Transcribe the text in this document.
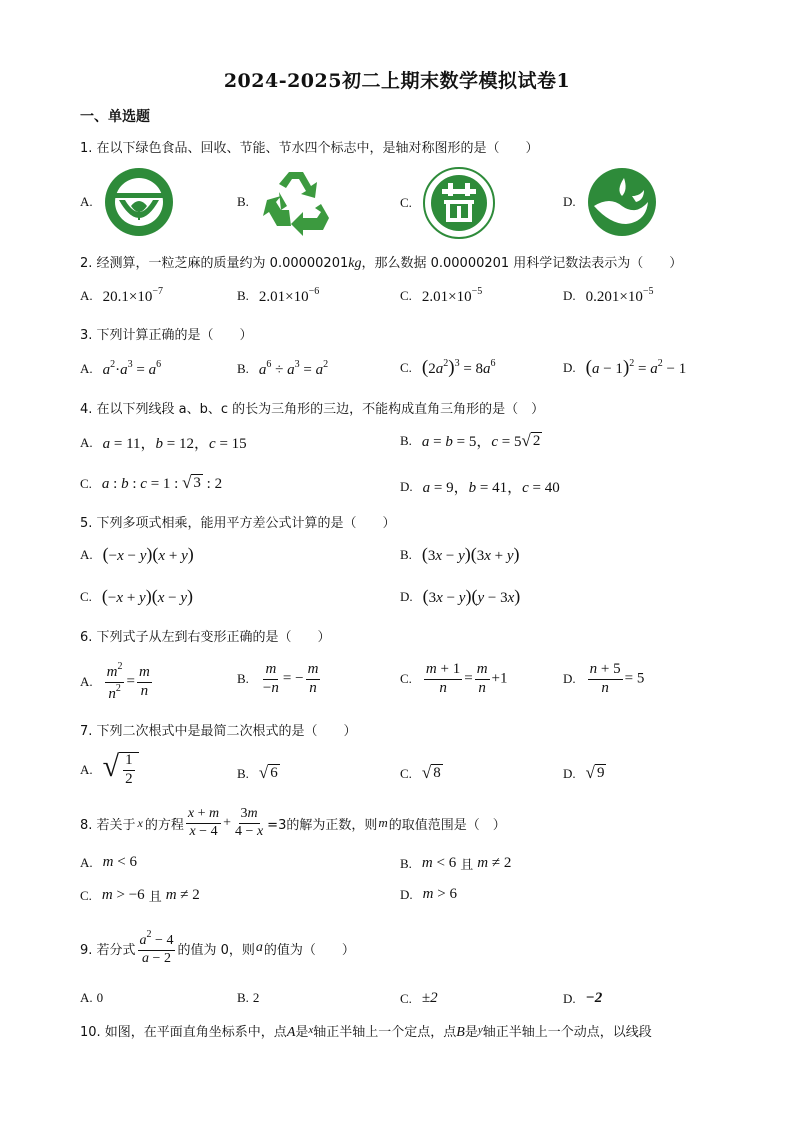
2024-2025初二上期末数学模拟试卷1
一、单选题
1. 在以下绿色食品、回收、节能、节水四个标志中，是轴对称图形的是（　　）
A.	B.	C.	D.
2. 经测算，一粒芝麻的质量约为 0.00000201kg，那么数据 0.00000201 用科学记数法表示为（　　）
A. $20.1\times 10^{-7}$	B. $2.01\times 10^{-6}$	C. $2.01\times 10^{-5}$	D. $0.201\times 10^{-5}$
3. 下列计算正确的是（　　）
A. $a^2\cdot a^3 = a^6$	B. $a^6 \div a^3 = a^2$	C. $(2a^2)^3 = 8a^6$	D. $(a - 1)^2 = a^2 - 1$
4. 在以下列线段 a、b、c 的长为三角形的三边，不能构成直角三角形的是（　）
A. a = 11，b = 12，c = 15	B. a = b = 5，c = 5 √ 2
C. a : b : c = 1 : √ 3 : 2	D. a = 9，b = 41，c = 40
5. 下列多项式相乘，能用平方差公式计算的是（　　）
A. (−x − y)(x + y)	B. (3x − y)(3x + y)
C. (−x + y)(x − y)	D. (3x − y)(y − 3x)
6. 下列式子从左到右变形正确的是（　　）
A. $\frac{m^2}{n^2} = \frac{m}{n}$	B. $\frac{m}{-n}$ = − $\frac{m}{n}$	C. $\frac{m + 1}{n} = \frac{m}{n} +1$	D. $\frac{n + 5}{n} = 5$
7. 下列二次根式中是最简二次根式的是（　　）
A. √ $\frac{1}{2}$	B. √ 6	C. √ 8	D. √ 9
8. 若关于 x 的方程 $\frac{x + m}{x - 4} + \frac{3m}{4 - x} =3$的解为正数，则 m 的取值范围是（　）
A. m < 6	B. m < 6 且 m ≠ 2
C. m > −6 且 m ≠ 2	D. m > 6
9. 若分式 $\frac{a^2 - 4}{a - 2}$ 的值为 0，则 a 的值为（　　）
A. 0	B. 2	C. ±2	D. −2
10. 如图，在平面直角坐标系中，点A是$^x$轴正半轴上一个定点，点B是$^y$轴正半轴上一个动点，以线段
